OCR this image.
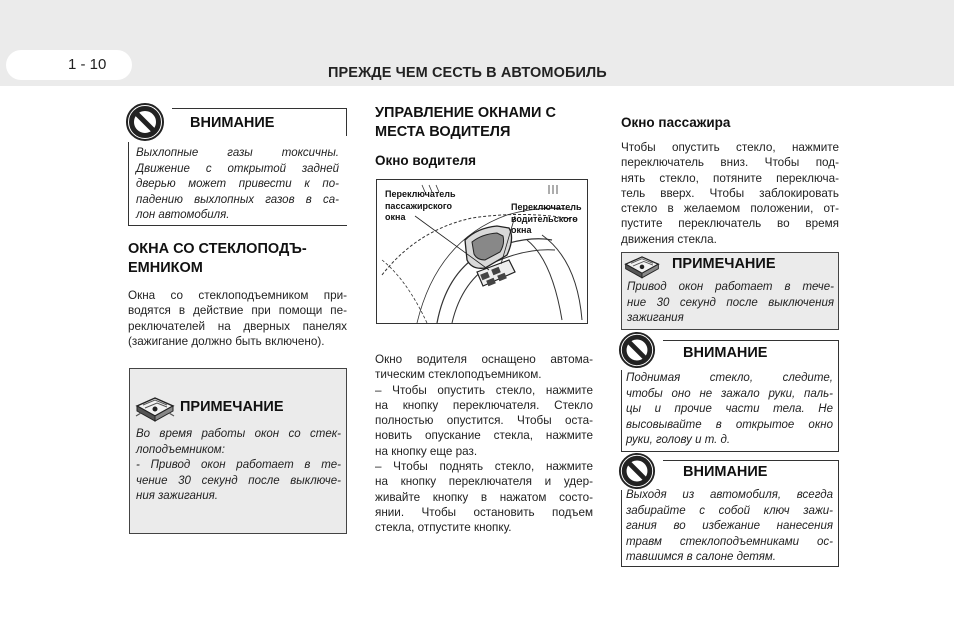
1 - 10	ПРЕЖДЕ ЧЕМ СЕСТЬ В АВТОМОБИЛЬ
ВНИМАНИЕ
Выхлопные газы токсичны.
Движение с открытой задней
дверью может привести к по-
падению выхлопных газов в са-
лон автомобиля.
ОКНА СО СТЕКЛОПОДЪ-
ЕМНИКОМ
Окна со стеклоподъемником при-
водятся в действие при помощи пе-
реключателей на дверных панелях
(зажигание должно быть включено).
ПРИМЕЧАНИЕ
Во время работы окон со стек-
лоподъемником:
- Привод окон работает в те-
чение 30 секунд после выключе-
ния зажигания.
УПРАВЛЕНИЕ ОКНАМИ С
МЕСТА ВОДИТЕЛЯ
Окно водителя
Переключатель
пассажирского
окна
Переключатель
водительского
окна
Окно водителя оснащено автома-
тическим стеклоподъемником.
– Чтобы опустить стекло, нажмите
на кнопку переключателя. Стекло
полностью опустится. Чтобы оста-
новить опускание стекла, нажмите
на кнопку еще раз.
– Чтобы поднять стекло, нажмите
на кнопку переключателя и удер-
живайте кнопку в нажатом состо-
янии. Чтобы остановить подъем
стекла, отпустите кнопку.
Окно пассажира
Чтобы опустить стекло, нажмите
переключатель вниз. Чтобы под-
нять стекло, потяните переключа-
тель вверх. Чтобы заблокировать
стекло в желаемом положении, от-
пустите переключатель во время
движения стекла.
ПРИМЕЧАНИЕ
Привод окон работает в тече-
ние 30 секунд после выключения
зажигания
ВНИМАНИЕ
Поднимая стекло, следите,
чтобы оно не зажало руки, паль-
цы и прочие части тела. Не
высовывайте в открытое окно
руки, голову и т. д.
ВНИМАНИЕ
Выходя из автомобиля, всегда
забирайте с собой ключ зажи-
гания во избежание нанесения
травм стеклоподъемниками ос-
тавшимся в салоне детям.
